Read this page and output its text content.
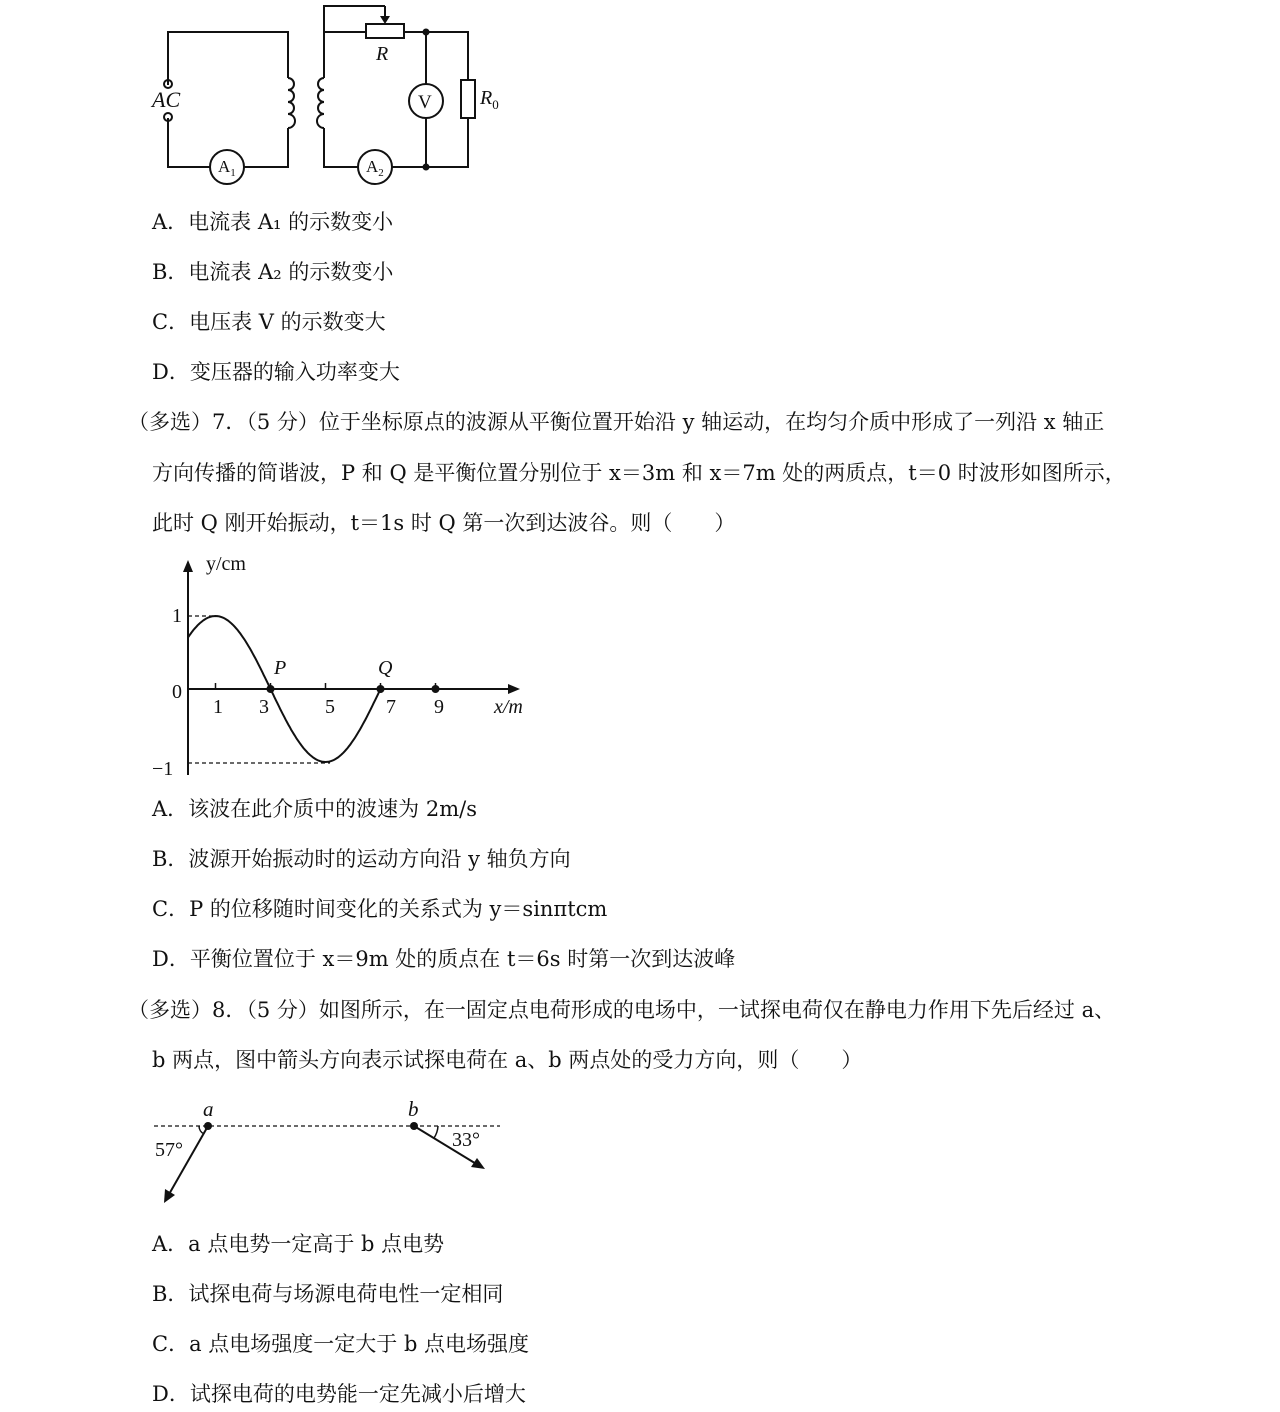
AC
R
V $R_0$
$A_1$	$A_2$
A．电流表 A₁ 的示数变小
B．电流表 A₂ 的示数变小
C．电压表 V 的示数变大
D．变压器的输入功率变大
（多选）7．（5 分）位于坐标原点的波源从平衡位置开始沿 y 轴运动，在均匀介质中形成了一列沿 x 轴正
方向传播的简谐波，P 和 Q 是平衡位置分别位于 x＝3m 和 x＝7m 处的两质点，t＝0 时波形如图所示，
此时 Q 刚开始振动，t＝1s 时 Q 第一次到达波谷。则（　　）
y/cm
x/m
1
0
−1
1 3	5	7 9
P	Q
A．该波在此介质中的波速为 2m/s
B．波源开始振动时的运动方向沿 y 轴负方向
C．P 的位移随时间变化的关系式为 y＝sinπtcm
D．平衡位置位于 x＝9m 处的质点在 t＝6s 时第一次到达波峰
（多选）8．（5 分）如图所示，在一固定点电荷形成的电场中，一试探电荷仅在静电力作用下先后经过 a、
b 两点，图中箭头方向表示试探电荷在 a、b 两点处的受力方向，则（　　）
a	b
57°	33°
A．a 点电势一定高于 b 点电势
B．试探电荷与场源电荷电性一定相同
C．a 点电场强度一定大于 b 点电场强度
D．试探电荷的电势能一定先减小后增大
